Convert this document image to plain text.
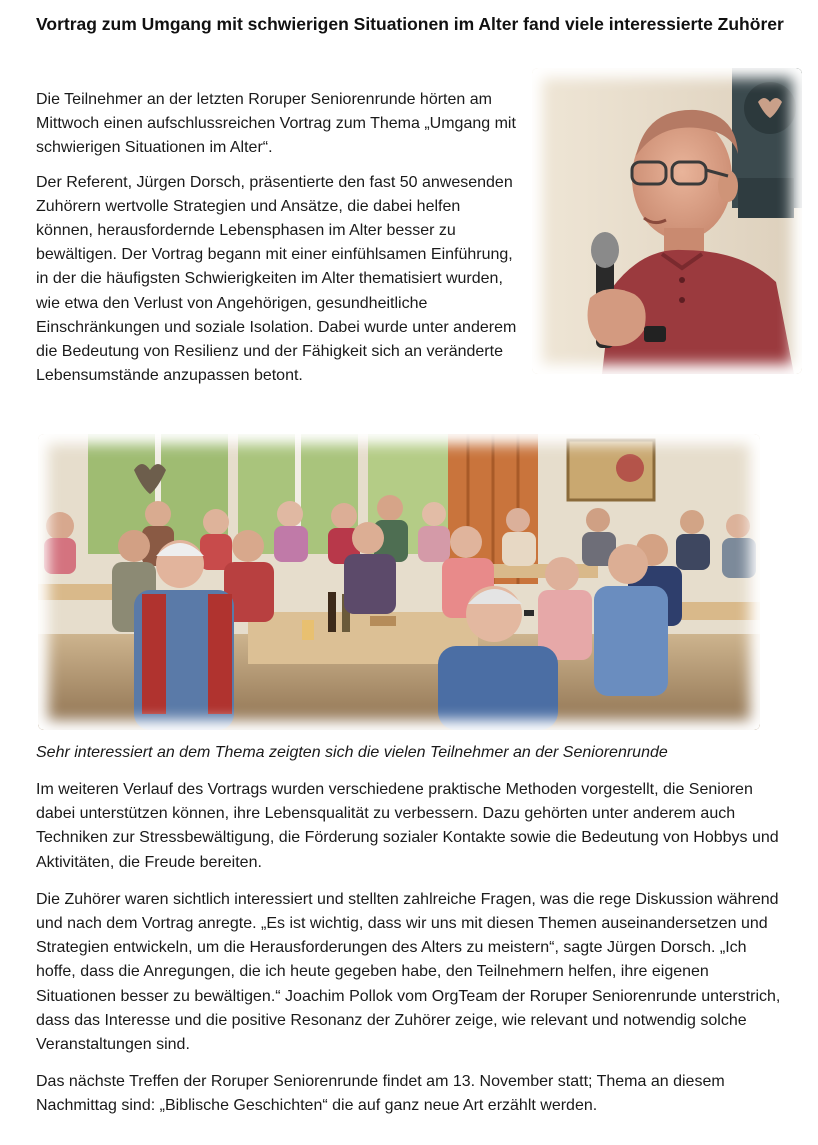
Vortrag zum Umgang mit schwierigen Situationen im Alter fand viele interessierte Zuhörer

Die Teilnehmer an der letzten Roruper Seniorenrunde hörten am Mittwoch einen aufschlussreichen Vortrag zum Thema „Umgang mit schwierigen Situationen im Alter“.

Der Referent, Jürgen Dorsch, präsentierte den fast 50 anwesenden Zuhörern wertvolle Strategien und Ansätze, die dabei helfen können, herausfordernde Lebensphasen im Alter besser zu bewältigen. Der Vortrag begann mit einer einfühlsamen Einführung, in der die häufigsten Schwierigkeiten im Alter thematisiert wurden, wie etwa den Verlust von Angehörigen, gesundheitliche Einschränkungen und soziale Isolation. Dabei wurde unter anderem die Bedeutung von Resilienz und der Fähigkeit sich an veränderte Lebensumstände anzupassen betont.

Sehr interessiert an dem Thema zeigten sich die vielen Teilnehmer an der Seniorenrunde

Im weiteren Verlauf des Vortrags wurden verschiedene praktische Methoden vorgestellt, die Senioren dabei unterstützen können, ihre Lebensqualität zu verbessern. Dazu gehörten unter anderem auch Techniken zur Stressbewältigung, die Förderung sozialer Kontakte sowie die Bedeutung von Hobbys und Aktivitäten, die Freude bereiten.

Die Zuhörer waren sichtlich interessiert und stellten zahlreiche Fragen, was die rege Diskussion während und nach dem Vortrag anregte. „Es ist wichtig, dass wir uns mit diesen Themen auseinandersetzen und Strategien entwickeln, um die Herausforderungen des Alters zu meistern“, sagte Jürgen Dorsch. „Ich hoffe, dass die Anregungen, die ich heute gegeben habe, den Teilnehmern helfen, ihre eigenen Situationen besser zu bewältigen.“ Joachim Pollok vom OrgTeam der Roruper Seniorenrunde unterstrich, dass das Interesse und die positive Resonanz der Zuhörer zeige, wie relevant und notwendig solche Veranstaltungen sind.

Das nächste Treffen der Roruper Seniorenrunde findet am 13. November statt; Thema an diesem Nachmittag sind: „Biblische Geschichten“ die auf ganz neue Art erzählt werden.
